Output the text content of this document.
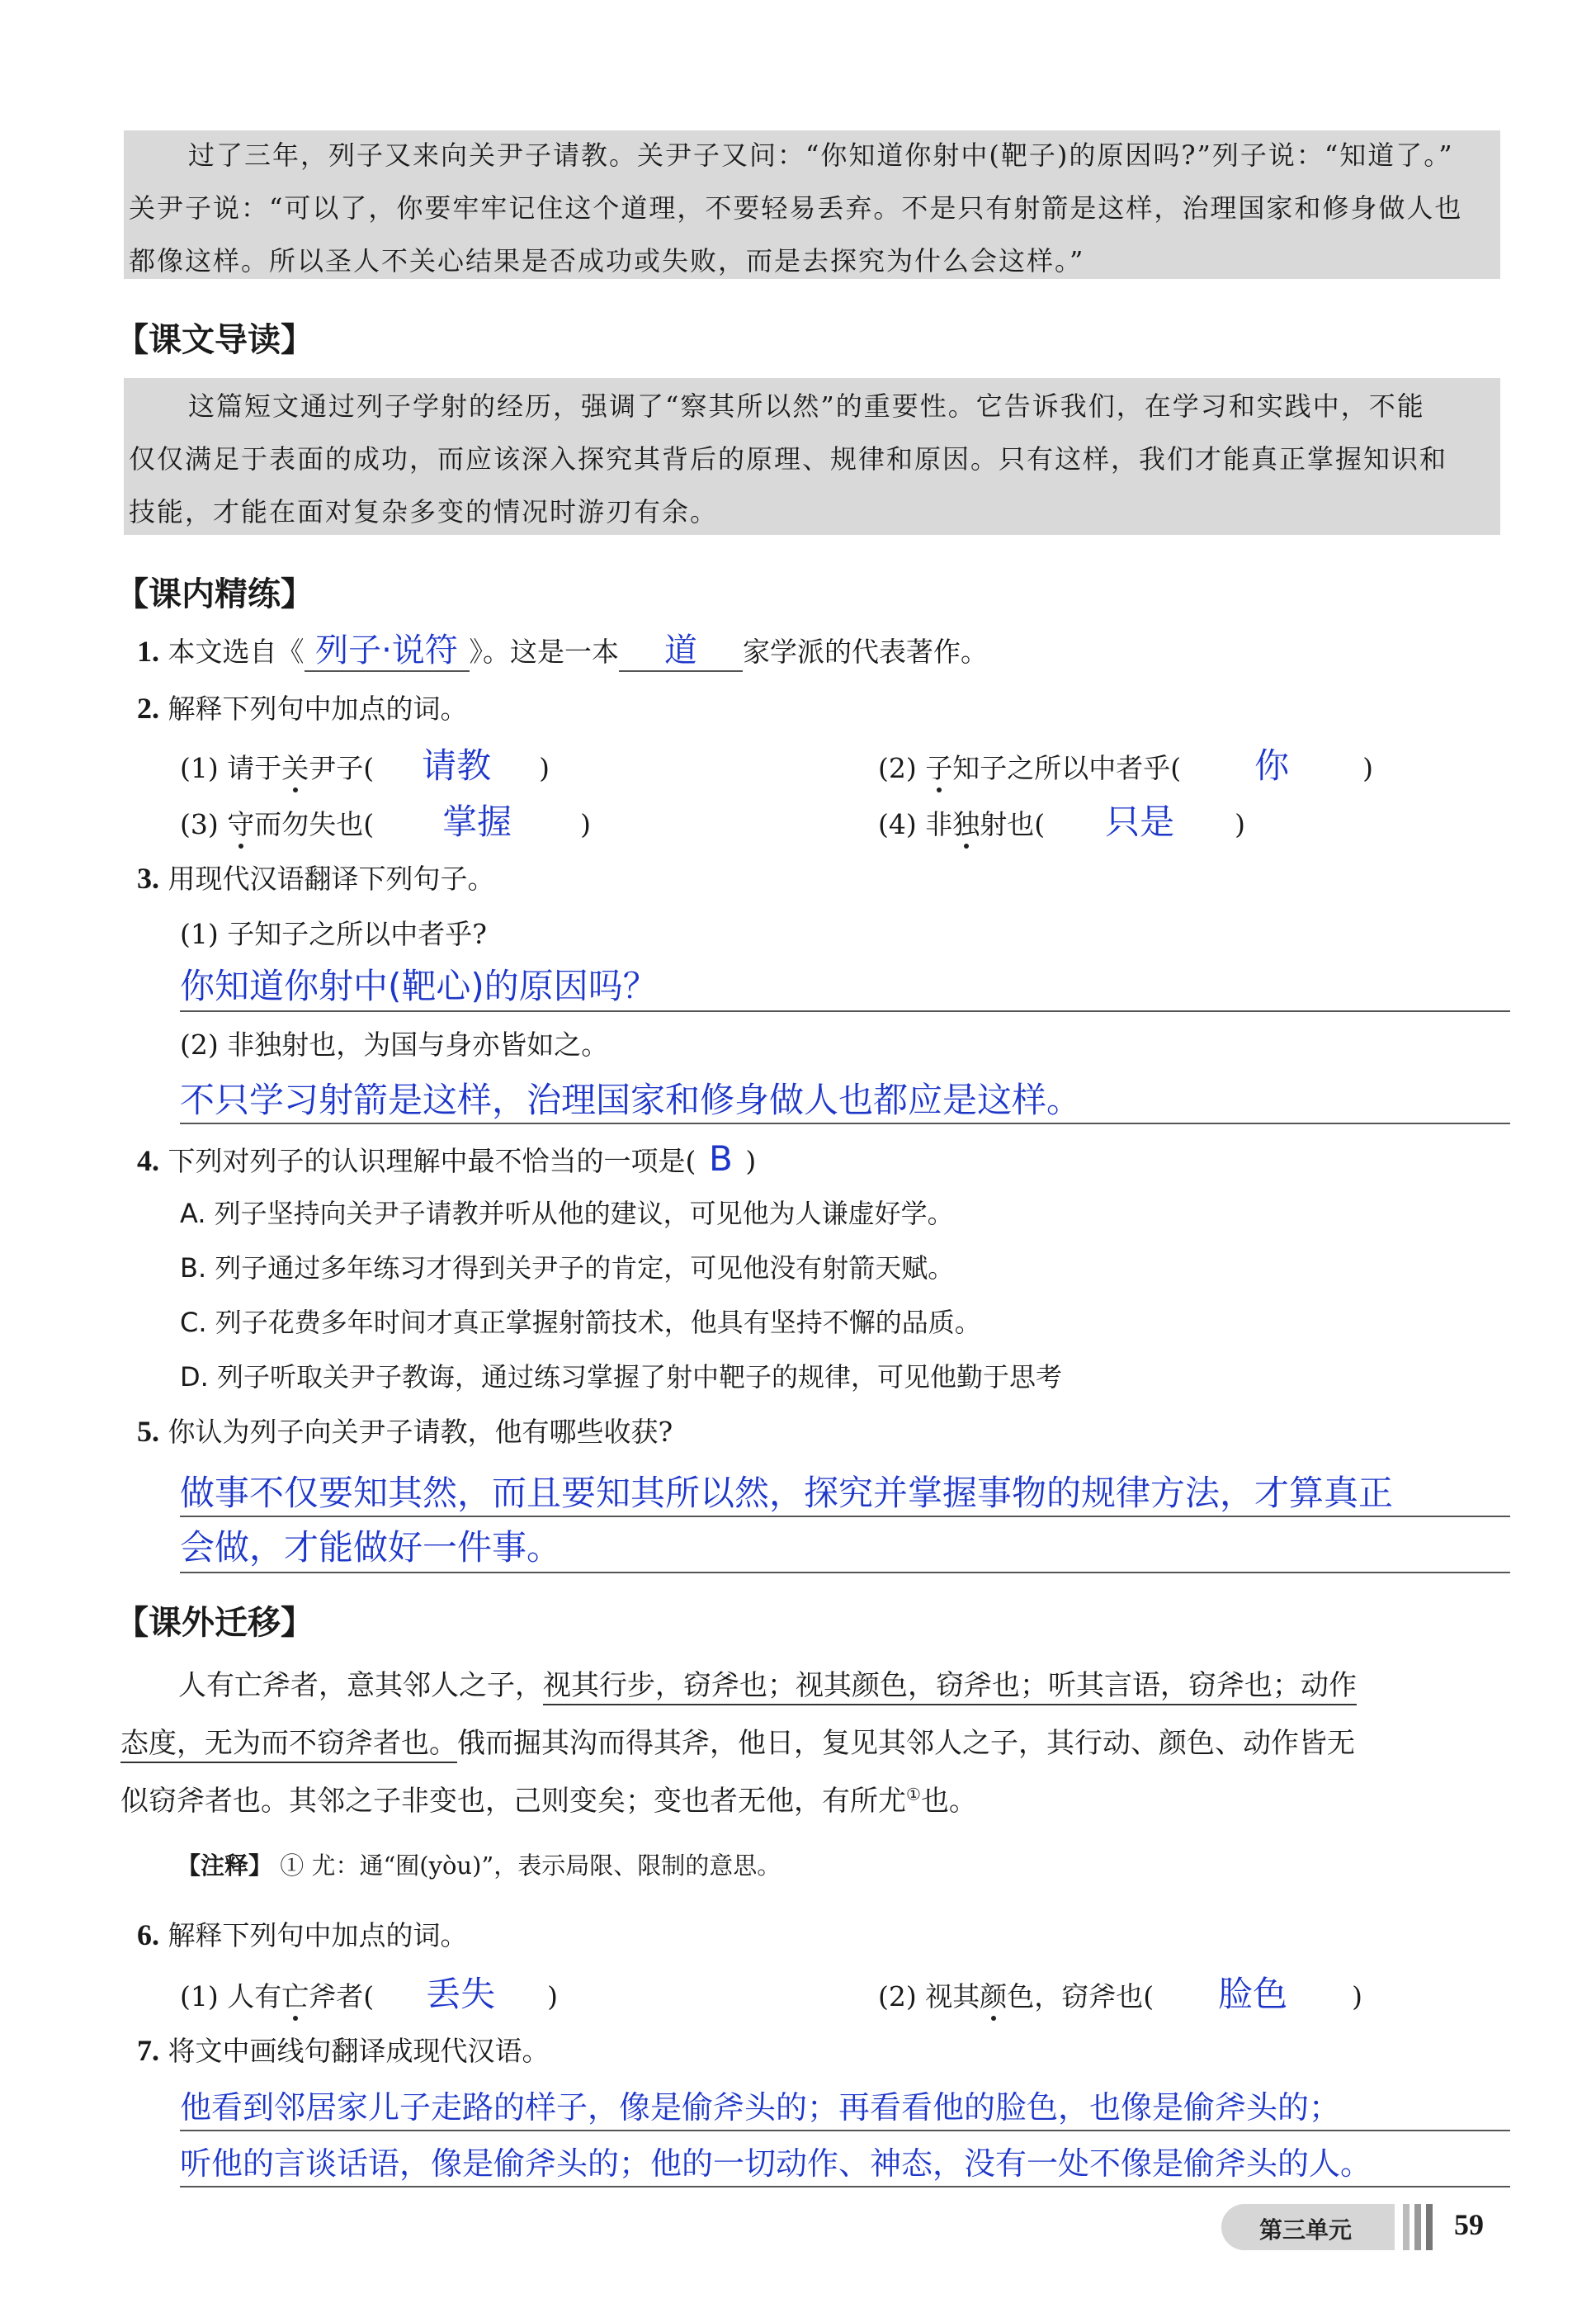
过了三年，列子又来向关尹子请教。关尹子又问：“你知道你射中(靶子)的原因吗?”列子说：“知道了。”
关尹子说：“可以了，你要牢牢记住这个道理，不要轻易丢弃。不是只有射箭是这样，治理国家和修身做人也
都像这样。所以圣人不关心结果是否成功或失败，而是去探究为什么会这样。”
【课文导读】
这篇短文通过列子学射的经历，强调了“察其所以然”的重要性。它告诉我们，在学习和实践中，不能
仅仅满足于表面的成功，而应该深入探究其背后的原理、规律和原因。只有这样，我们才能真正掌握知识和
技能，才能在面对复杂多变的情况时游刃有余。
【课内精练】
1. 本文选自《 列子·说符 》。这是一本 道 家学派的代表著作。
2. 解释下列句中加点的词。
(1) 请于关尹子( 请教 )	(2) 子知子之所以中者乎( 你	)
(3) 守而勿失也( 掌握	)	(4) 非独射也( 只是 )
3. 用现代汉语翻译下列句子。
(1) 子知子之所以中者乎?
你知道你射中(靶心)的原因吗？
(2) 非独射也，为国与身亦皆如之。
不只学习射箭是这样，治理国家和修身做人也都应是这样。
4. 下列对列子的认识理解中最不恰当的一项是( B )
A. 列子坚持向关尹子请教并听从他的建议，可见他为人谦虚好学。
B. 列子通过多年练习才得到关尹子的肯定，可见他没有射箭天赋。
C. 列子花费多年时间才真正掌握射箭技术，他具有坚持不懈的品质。
D. 列子听取关尹子教诲，通过练习掌握了射中靶子的规律，可见他勤于思考
5. 你认为列子向关尹子请教，他有哪些收获?
做事不仅要知其然，而且要知其所以然，探究并掌握事物的规律方法，才算真正
会做，才能做好一件事。
【课外迁移】
人有亡斧者，意其邻人之子，视其行步，窃斧也；视其颜色，窃斧也；听其言语，窃斧也；动作
态度，无为而不窃斧者也。俄而掘其沟而得其斧，他日，复见其邻人之子，其行动、颜色、动作皆无
似窃斧者也。其邻之子非变也，己则变矣；变也者无他，有所尤①也。
【注释】 ① 尤：通“囿(yòu)”，表示局限、限制的意思。
6. 解释下列句中加点的词。
(1) 人有亡斧者( 丢失 )	(2) 视其颜色，窃斧也( 脸色 )
7. 将文中画线句翻译成现代汉语。
他看到邻居家儿子走路的样子，像是偷斧头的；再看看他的脸色，也像是偷斧头的；
听他的言谈话语，像是偷斧头的；他的一切动作、神态，没有一处不像是偷斧头的人。
第三单元	59
